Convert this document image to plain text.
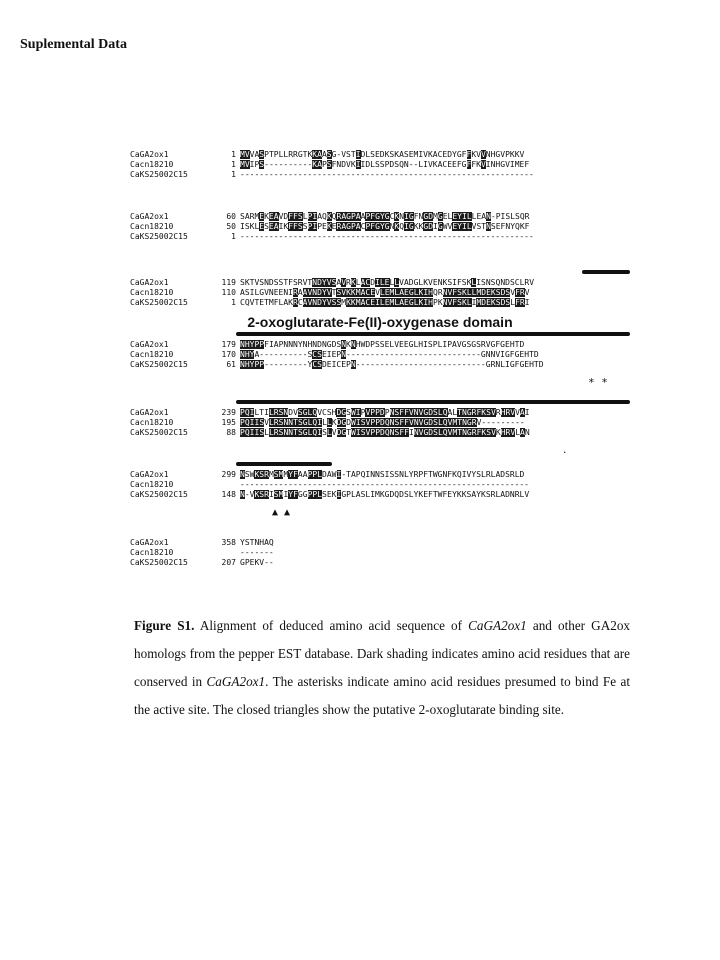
Suplemental Data
CaGA2ox1	1 MVVASPTPLLRRGTKKAASG-VSTIDLSEDKSKASEMIVKACEDYGFFKVVNHGVPKKV
Cacn18210	1 MVIPS----------KAPSFNDVKIIDLSSPDSQN--LIVKACEEFGFFKVINHGVIMEF
CaKS25002C15	1 -------------------------------------------------------------
CaGA2ox1	60 SARMEKEAVDFFSLPIAQKQRAGPAAPFGYGCKNIGFNGDMGELEYILLEAN-PISLSQR
Cacn18210	50 ISKLESEAIKFFSSPIPEKERAGPACPFGYGNKQIGKKGDIGWVEYILVSTNSEFNYQKF
CaKS25002C15	1 -------------------------------------------------------------
CaGA2ox1	119 SKTVSNDSSTFSRVTNDYVSAVRKLACDILELLVADGLKVENKSIFSKLISNSQNDSCLRV
Cacn18210	110 ASILGVNEENIRAAVNDYVTSVKKMACEVLEMLAEGLKIHQRNVFSKLLMDEKSDSVFRV
CaKS25002C15	1 CQVTETMFLAKRCAVNDYVSSMKKMACEILEMLAEGLKIHPKNVFSKLIMDEKSDSLFRI
2-oxoglutarate-Fe(II)-oxygenase domain
CaGA2ox1	179 NHYPPFIAPNNNYNHNDNGDSNKNHWDPSSELVEEGLHISPLIPAVGSGSRVGFGEHTD
Cacn18210	170 NHYA----------SCSEIEPN----------------------------GNNVIGFGEHTD
CaKS25002C15	61 NHYPP---------YCSDEICEPN---------------------------GRNLIGFGEHTD
* *
CaGA2ox1	239 PQILTILRSNDVSGLQVCSHDGSWIPVPPDPNSFFVNVGDSLQALTNGRFKSVRHRVVAI
Cacn18210	195 PQIISVLRSNNTSGLQILLKDGDWISVPPDQNSFFVNVGDSLQVMTNGRV---------
CaKS25002C15	88 PQIISLLRSNNTSGLQISLVDGTWISVPPDQNSFFINVGDSLQVMTNGRFKSVKHRVLAN
.
CaGA2ox1	299 NSWKSRMSMMYFAAPPLDAWI-TAPQINNSISSNLYRPFTWGNFKQIVYSLRLADSRLD
Cacn18210	------------------------------------------------------------
CaKS25002C15	148 N-VKSRISMIYFGGPPLSEKIGPLASLIMKGDQDSLYKEFTWFEYKKSAYKSRLADNRLV
▲ ▲
CaGA2ox1	358 YSTNHAQ
Cacn18210	-------
CaKS25002C15	207 GPEKV--
Figure S1. Alignment of deduced amino acid sequence of CaGA2ox1 and other GA2ox homologs from the pepper EST database. Dark shading indicates amino acid residues that are conserved in CaGA2ox1. The asterisks indicate amino acid residues presumed to bind Fe at the active site. The closed triangles show the putative 2-oxoglutarate binding site.
